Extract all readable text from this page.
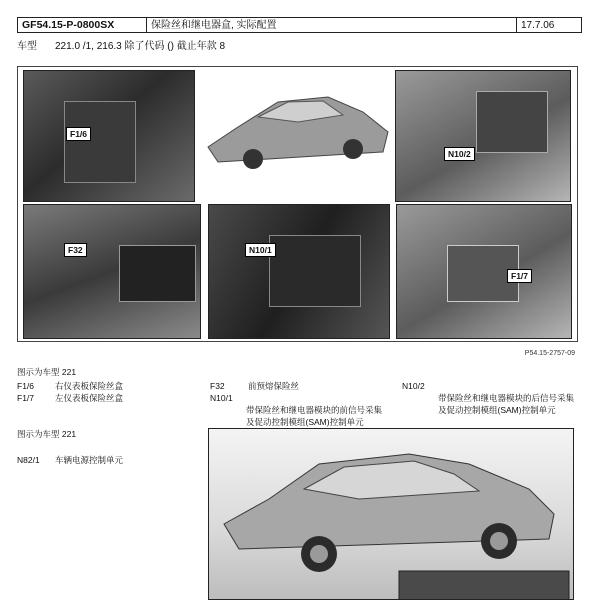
GF54.15-P-0800SX	保险丝和继电器盒, 实际配置	17.7.06
车型 221.0 /1, 216.3 除了代码 () 截止年款 8
F1/6
N10/2
F32	N10/1
F1/7
P54.15-2757-09
图示为车型 221
F1/6 右仪表板保险丝盒
F1/7 左仪表板保险丝盒
F32	前预熔保险丝
N10/1
带保险丝和继电器模块的前信号采集及促动控制模组(SAM)控制单元
N10/2
带保险丝和继电器模块的后信号采集及促动控制模组(SAM)控制单元
图示为车型 221
N82/1 车辆电源控制单元
